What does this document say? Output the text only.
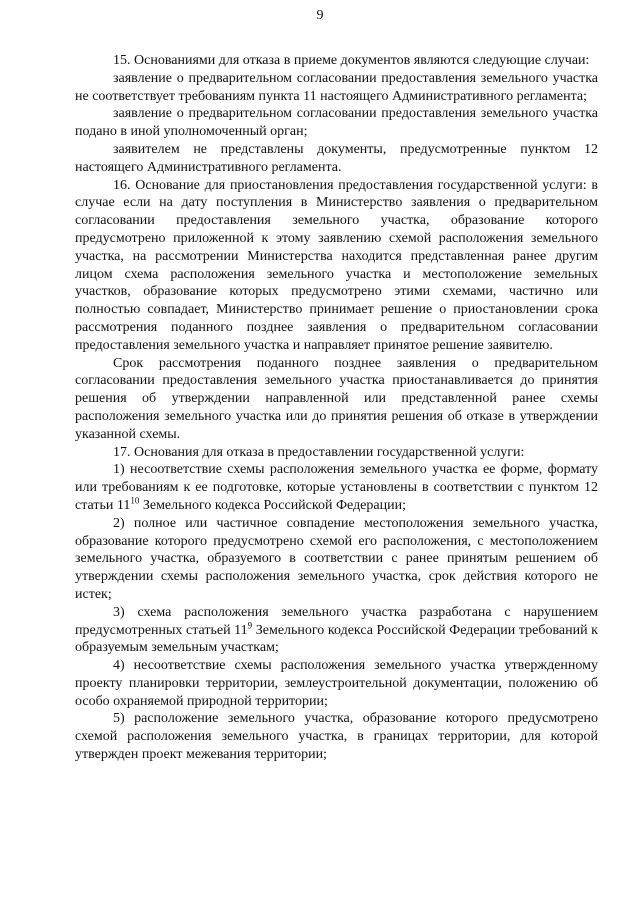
9

15. Основаниями для отказа в приеме документов являются следующие случаи:

заявление о предварительном согласовании предоставления земельного участка не соответствует требованиям пункта 11 настоящего Административного регламента;

заявление о предварительном согласовании предоставления земельного участка подано в иной уполномоченный орган;

заявителем не представлены документы, предусмотренные пунктом 12 настоящего Административного регламента.

16. Основание для приостановления предоставления государственной услуги: в случае если на дату поступления в Министерство заявления о предварительном согласовании предоставления земельного участка, образование которого предусмотрено приложенной к этому заявлению схемой расположения земельного участка, на рассмотрении Министерства находится представленная ранее другим лицом схема расположения земельного участка и местоположение земельных участков, образование которых предусмотрено этими схемами, частично или полностью совпадает, Министерство принимает решение о приостановлении срока рассмотрения поданного позднее заявления о предварительном согласовании предоставления земельного участка и направляет принятое решение заявителю.

Срок рассмотрения поданного позднее заявления о предварительном согласовании предоставления земельного участка приостанавливается до принятия решения об утверждении направленной или представленной ранее схемы расположения земельного участка или до принятия решения об отказе в утверждении указанной схемы.

17. Основания для отказа в предоставлении государственной услуги:

1) несоответствие схемы расположения земельного участка ее форме, формату или требованиям к ее подготовке, которые установлены в соответствии с пунктом 12 статьи $11^{10}$ Земельного кодекса Российской Федерации;

2) полное или частичное совпадение местоположения земельного участка, образование которого предусмотрено схемой его расположения, с местоположением земельного участка, образуемого в соответствии с ранее принятым решением об утверждении схемы расположения земельного участка, срок действия которого не истек;

3) схема расположения земельного участка разработана с нарушением предусмотренных статьей $11^9$ Земельного кодекса Российской Федерации требований к образуемым земельным участкам;

4) несоответствие схемы расположения земельного участка утвержденному проекту планировки территории, землеустроительной документации, положению об особо охраняемой природной территории;

5) расположение земельного участка, образование которого предусмотрено схемой расположения земельного участка, в границах территории, для которой утвержден проект межевания территории;
